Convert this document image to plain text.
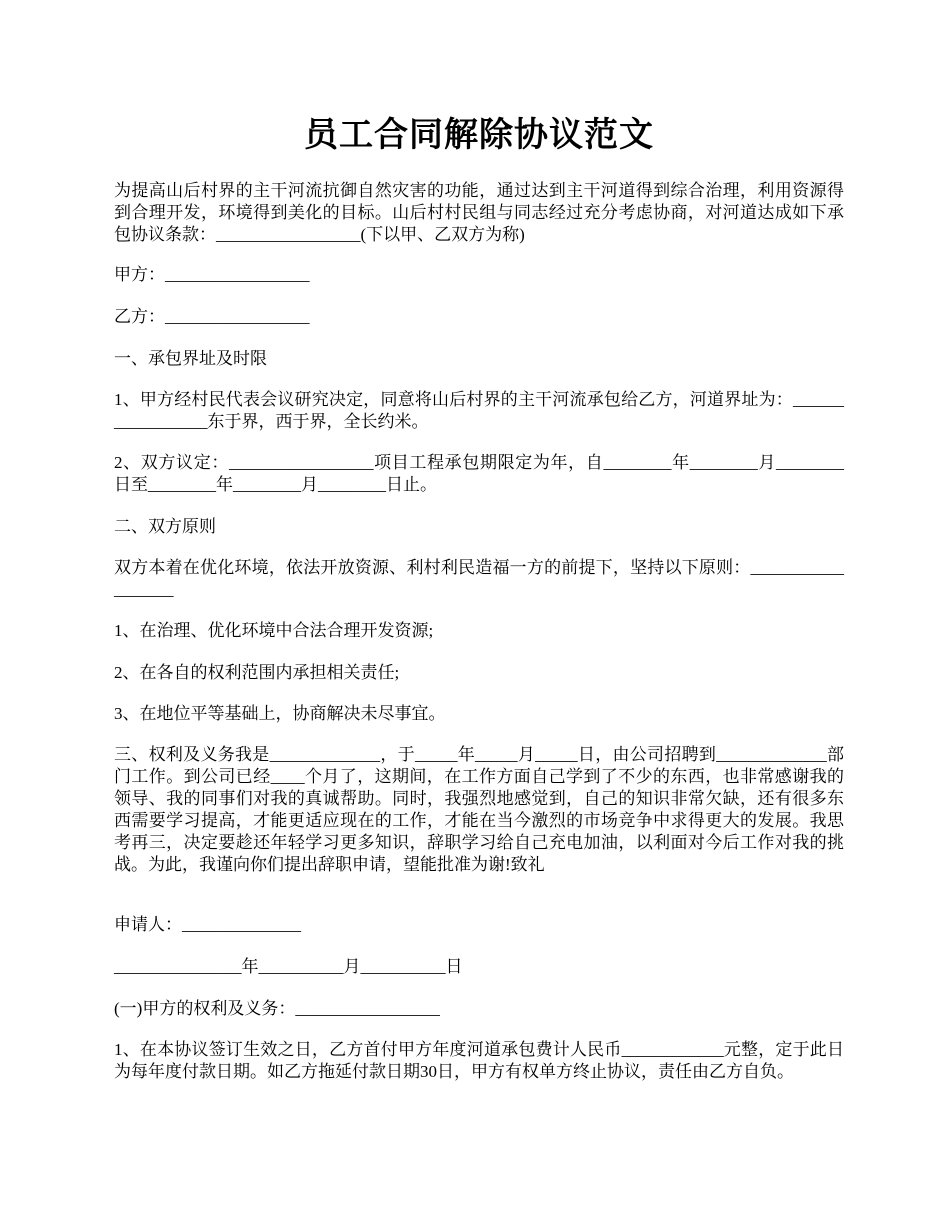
员工合同解除协议范文

为提高山后村界的主干河流抗御自然灾害的功能，通过达到主干河道得到综合治理，利用资源得到合理开发，环境得到美化的目标。山后村村民组与同志经过充分考虑协商，对河道达成如下承包协议条款：_________________(下以甲、乙双方为称)

甲方：_________________

乙方：_________________

一、承包界址及时限

1、甲方经村民代表会议研究决定，同意将山后村界的主干河流承包给乙方，河道界址为：_________________东于界，西于界，全长约米。

2、双方议定：_________________项目工程承包期限定为年，自________年________月________日至________年________月________日止。

二、双方原则

双方本着在优化环境，依法开放资源、利村利民造福一方的前提下，坚持以下原则：__________________

1、在治理、优化环境中合法合理开发资源;

2、在各自的权利范围内承担相关责任;

3、在地位平等基础上，协商解决未尽事宜。

三、权利及义务我是_____________，于_____年_____月_____日，由公司招聘到_____________部门工作。到公司已经____个月了，这期间，在工作方面自己学到了不少的东西，也非常感谢我的领导、我的同事们对我的真诚帮助。同时，我强烈地感觉到，自己的知识非常欠缺，还有很多东西需要学习提高，才能更适应现在的工作，才能在当今激烈的市场竞争中求得更大的发展。我思考再三，决定要趁还年轻学习更多知识，辞职学习给自己充电加油，以利面对今后工作对我的挑战。为此，我谨向你们提出辞职申请，望能批准为谢!致礼

申请人：______________

_______________年__________月__________日

(一)甲方的权利及义务：_________________

1、在本协议签订生效之日，乙方首付甲方年度河道承包费计人民币____________元整，定于此日为每年度付款日期。如乙方拖延付款日期30日，甲方有权单方终止协议，责任由乙方自负。
